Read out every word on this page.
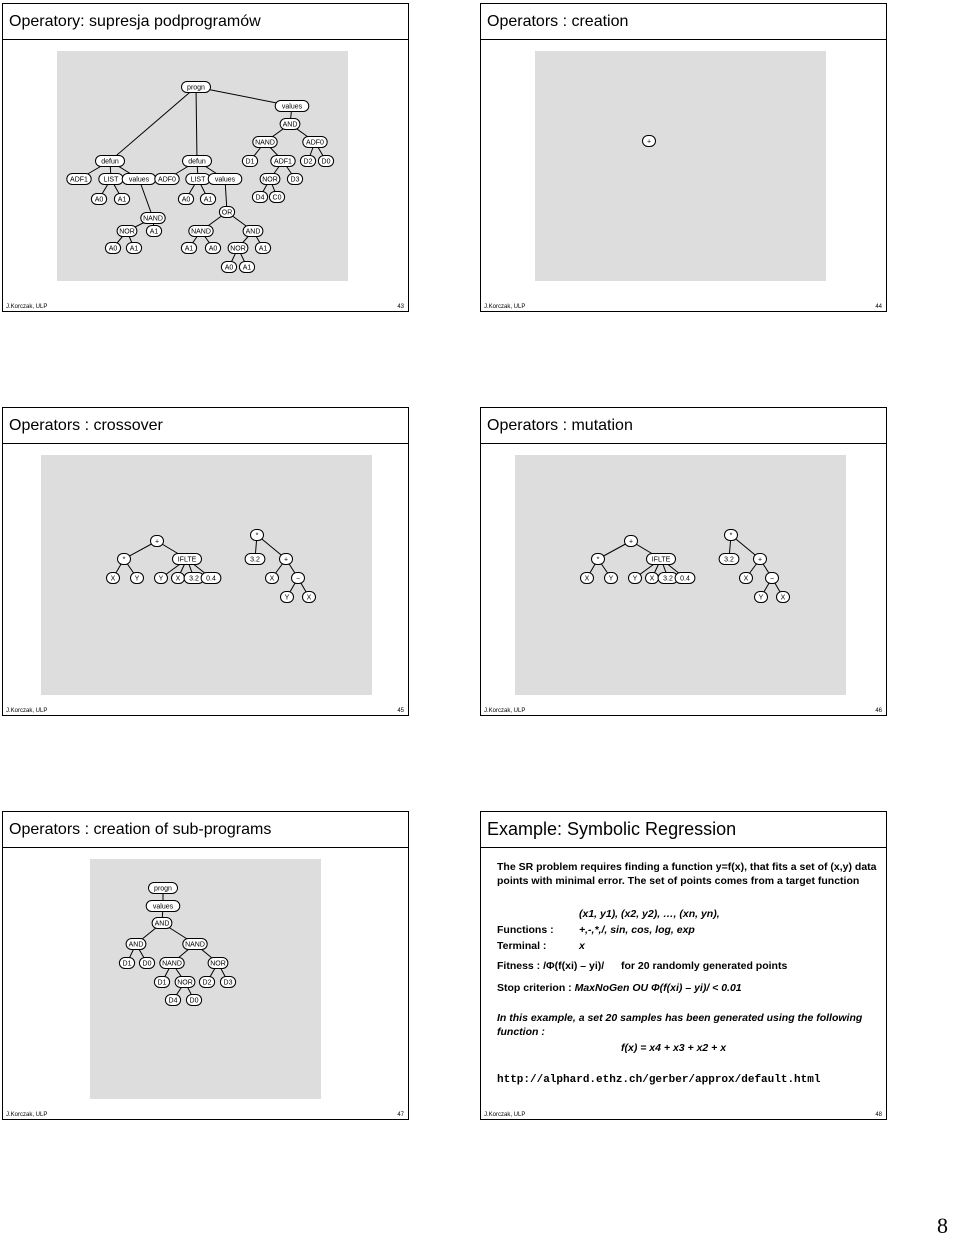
Operatory: supresja podprogramów
progn
values
AND
NAND	ADF0
D1	ADF1 D2 D0
NOR D3
D4 C0
defun	defun
ADF1 LIST values ADF0 LIST values
A0 A1	A0 A1
NAND
OR
NOR A1	NAND	AND
A0 A1	A1 A0 NOR A1
A0 A1
J.Korczak, ULP	43
Operators : creation
+
J.Korczak, ULP	44
Operators : crossover
+
*	IFLTE
X	Y	Y X 3.2 0.4
*
3.2	+
X	−
Y X
J.Korczak, ULP	45
Operators : mutation
+
*	IFLTE
X	Y	Y X 3.2 0.4
*
3.2	+
X	−
Y X
J.Korczak, ULP	46
Operators : creation of sub-programs
progn
values
AND
AND	NAND
D1 D0 NAND	NOR
D1 NOR D2 D3
D4 D0
J.Korczak, ULP	47
Example: Symbolic Regression
The SR problem requires finding a function y=f(x), that fits a set of (x,y) data points with minimal error. The set of points comes from a target function
(x1, y1), (x2, y2), …, (xn, yn),
Functions : +,-,*,/, sin, cos, log, exp
Terminal :	x
Fitness : /Φ(f(xi) – yi)/ for 20 randomly generated points
Stop criterion : MaxNoGen OU Φ(f(xi) – yi)/ < 0.01
In this example, a set 20 samples has been generated using the following function :
f(x) = x4 + x3 + x2 + x
http://alphard.ethz.ch/gerber/approx/default.html
J.Korczak, ULP	48
8
